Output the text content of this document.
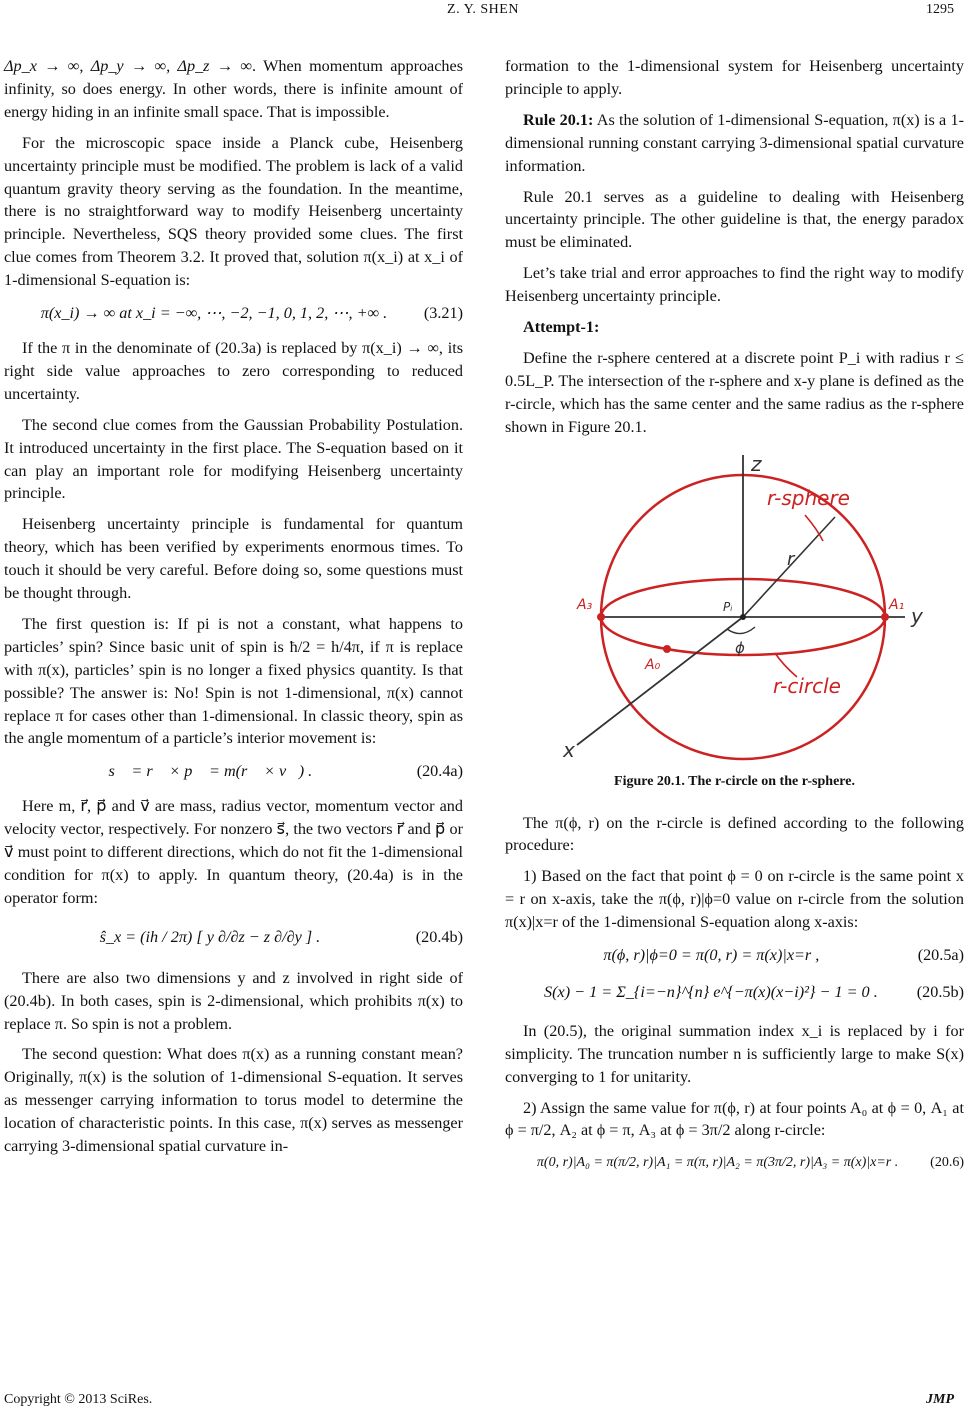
Z. Y. SHEN	1295

Δp_x → ∞, Δp_y → ∞, Δp_z → ∞. When momentum approaches infinity, so does energy. In other words, there is infinite amount of energy hiding in an infinite small space. That is impossible.

For the microscopic space inside a Planck cube, Heisenberg uncertainty principle must be modified. The problem is lack of a valid quantum gravity theory serving as the foundation. In the meantime, there is no straightforward way to modify Heisenberg uncertainty principle. Nevertheless, SQS theory provided some clues. The first clue comes from Theorem 3.2. It proved that, solution π(x_i) at x_i of 1-dimensional S-equation is:

π(x_i) → ∞ at x_i = −∞, ⋯, −2, −1, 0, 1, 2, ⋯, +∞ .	(3.21)

If the π in the denominate of (20.3a) is replaced by π(x_i) → ∞, its right side value approaches to zero corresponding to reduced uncertainty.

The second clue comes from the Gaussian Probability Postulation. It introduced uncertainty in the first place. The S-equation based on it can play an important role for modifying Heisenberg uncertainty principle.

Heisenberg uncertainty principle is fundamental for quantum theory, which has been verified by experiments enormous times. To touch it should be very careful. Before doing so, some questions must be thought through.

The first question is: If pi is not a constant, what happens to particles’ spin? Since basic unit of spin is ħ/2 = h/4π, if π is replace with π(x), particles’ spin is no longer a fixed physics quantity. Is that possible? The answer is: No! Spin is not 1-dimensional, π(x) cannot replace π for cases other than 1-dimensional. In classic theory, spin as the angle momentum of a particle’s interior movement is:

s⃗ = r⃗ × p⃗ = m(r⃗ × v⃗) .	(20.4a)

Here m, r⃗, p⃗ and v⃗ are mass, radius vector, momentum vector and velocity vector, respectively. For nonzero s⃗, the two vectors r⃗ and p⃗ or v⃗ must point to different directions, which do not fit the 1-dimensional condition for π(x) to apply. In quantum theory, (20.4a) is in the operator form:

ŝ_x = (ih / 2π) [ y ∂/∂z − z ∂/∂y ] .	(20.4b)

There are also two dimensions y and z involved in right side of (20.4b). In both cases, spin is 2-dimensional, which prohibits π(x) to replace π. So spin is not a problem.

The second question: What does π(x) as a running constant mean? Originally, π(x) is the solution of 1-dimensional S-equation. It serves as messenger carrying information to torus model to determine the location of characteristic points. In this case, π(x) serves as messenger carrying 3-dimensional spatial curvature in-

formation to the 1-dimensional system for Heisenberg uncertainty principle to apply.

Rule 20.1: As the solution of 1-dimensional S-equation, π(x) is a 1-dimensional running constant carrying 3-dimensional spatial curvature information.

Rule 20.1 serves as a guideline to dealing with Heisenberg uncertainty principle. The other guideline is that, the energy paradox must be eliminated.

Let’s take trial and error approaches to find the right way to modify Heisenberg uncertainty principle.

Attempt-1:

Define the r-sphere centered at a discrete point P_i with radius r ≤ 0.5L_P. The intersection of the r-sphere and x-y plane is defined as the r-circle, which has the same center and the same radius as the r-sphere shown in Figure 20.1.

z
y
x
r-sphere
r-circle
A₀
A₁
A₃	Pᵢ
r
ϕ
Figure 20.1. The r-circle on the r-sphere.

The π(ϕ, r) on the r-circle is defined according to the following procedure:

1) Based on the fact that point ϕ = 0 on r-circle is the same point x = r on x-axis, take the π(ϕ, r)|ϕ=0 value on r-circle from the solution π(x)|x=r of the 1-dimensional S-equation along x-axis:

π(ϕ, r)|ϕ=0 = π(0, r) = π(x)|x=r ,	(20.5a)
S(x) − 1 = Σ_{i=−n}^{n} e^{−π(x)(x−i)²} − 1 = 0 .	(20.5b)

In (20.5), the original summation index x_i is replaced by i for simplicity. The truncation number n is sufficiently large to make S(x) converging to 1 for unitarity.

2) Assign the same value for π(ϕ, r) at four points A₀ at ϕ = 0, A₁ at ϕ = π/2, A₂ at ϕ = π, A₃ at ϕ = 3π/2 along r-circle:

π(0, r)|A₀ = π(π/2, r)|A₁ = π(π, r)|A₂ = π(3π/2, r)|A₃ = π(x)|x=r .	(20.6)
Copyright © 2013 SciRes.	JMP
